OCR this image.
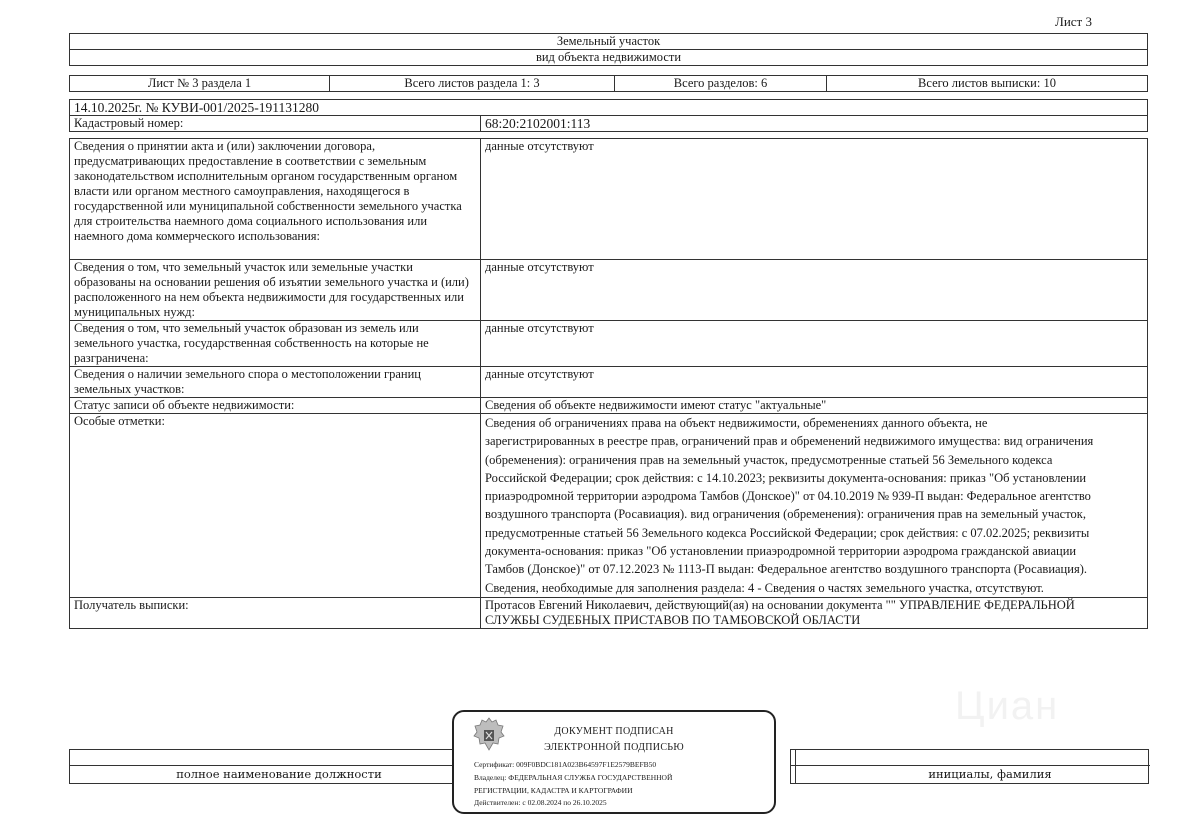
Лист 3
Земельный участок
вид объекта недвижимости
Лист № 3 раздела 1	Всего листов раздела 1: 3	Всего разделов: 6	Всего листов выписки: 10
14.10.2025г. № КУВИ-001/2025-191131280	
Кадастровый номер:	68:20:2102001:113

Сведения о принятии акта и (или) заключении договора, предусматривающих предоставление в соответствии с земельным законодательством исполнительным органом государственным органом власти или органом местного самоуправления, находящегося в государственной или муниципальной собственности земельного участка для строительства наемного дома социального использования или наемного дома коммерческого использования:	данные отсутствуют
Сведения о том, что земельный участок или земельные участки образованы на основании решения об изъятии земельного участка и (или) расположенного на нем объекта недвижимости для государственных или муниципальных нужд:	данные отсутствуют
Сведения о том, что земельный участок образован из земель или земельного участка, государственная собственность на которые не разграничена:	данные отсутствуют
Сведения о наличии земельного спора о местоположении границ земельных участков:	данные отсутствуют
Статус записи об объекте недвижимости:	Сведения об объекте недвижимости имеют статус "актуальные"
Особые отметки:	Сведения об ограничениях права на объект недвижимости, обременениях данного объекта, не зарегистрированных в реестре прав, ограничений прав и обременений недвижимого имущества: вид ограничения (обременения): ограничения прав на земельный участок, предусмотренные статьей 56 Земельного кодекса Российской Федерации; срок действия: с 14.10.2023; реквизиты документа-основания: приказ "Об установлении приаэродромной территории аэродрома Тамбов (Донское)" от 04.10.2019 № 939-П выдан: Федеральное агентство воздушного транспорта (Росавиация). вид ограничения (обременения): ограничения прав на земельный участок, предусмотренные статьей 56 Земельного кодекса Российской Федерации; срок действия: с 07.02.2025; реквизиты документа-основания: приказ "Об установлении приаэродромной территории аэродрома гражданской авиации Тамбов (Донское)" от 07.12.2023 № 1113-П выдан: Федеральное агентство воздушного транспорта (Росавиация). Сведения, необходимые для заполнения раздела: 4 - Сведения о частях земельного участка, отсутствуют.
Получатель выписки:	Протасов Евгений Николаевич, действующий(ая) на основании документа "" УПРАВЛЕНИЕ ФЕДЕРАЛЬНОЙ СЛУЖБЫ СУДЕБНЫХ ПРИСТАВОВ ПО ТАМБОВСКОЙ ОБЛАСТИ
Циан
полное наименование должности	инициалы, фамилия
ДОКУМЕНТ ПОДПИСАН
ЭЛЕКТРОННОЙ ПОДПИСЬЮ
Сертификат: 009F0BDC181A023B64597F1E2579BEFB50
Владелец: ФЕДЕРАЛЬНАЯ СЛУЖБА ГОСУДАРСТВЕННОЙ
РЕГИСТРАЦИИ, КАДАСТРА И КАРТОГРАФИИ
Действителен: с 02.08.2024 по 26.10.2025
